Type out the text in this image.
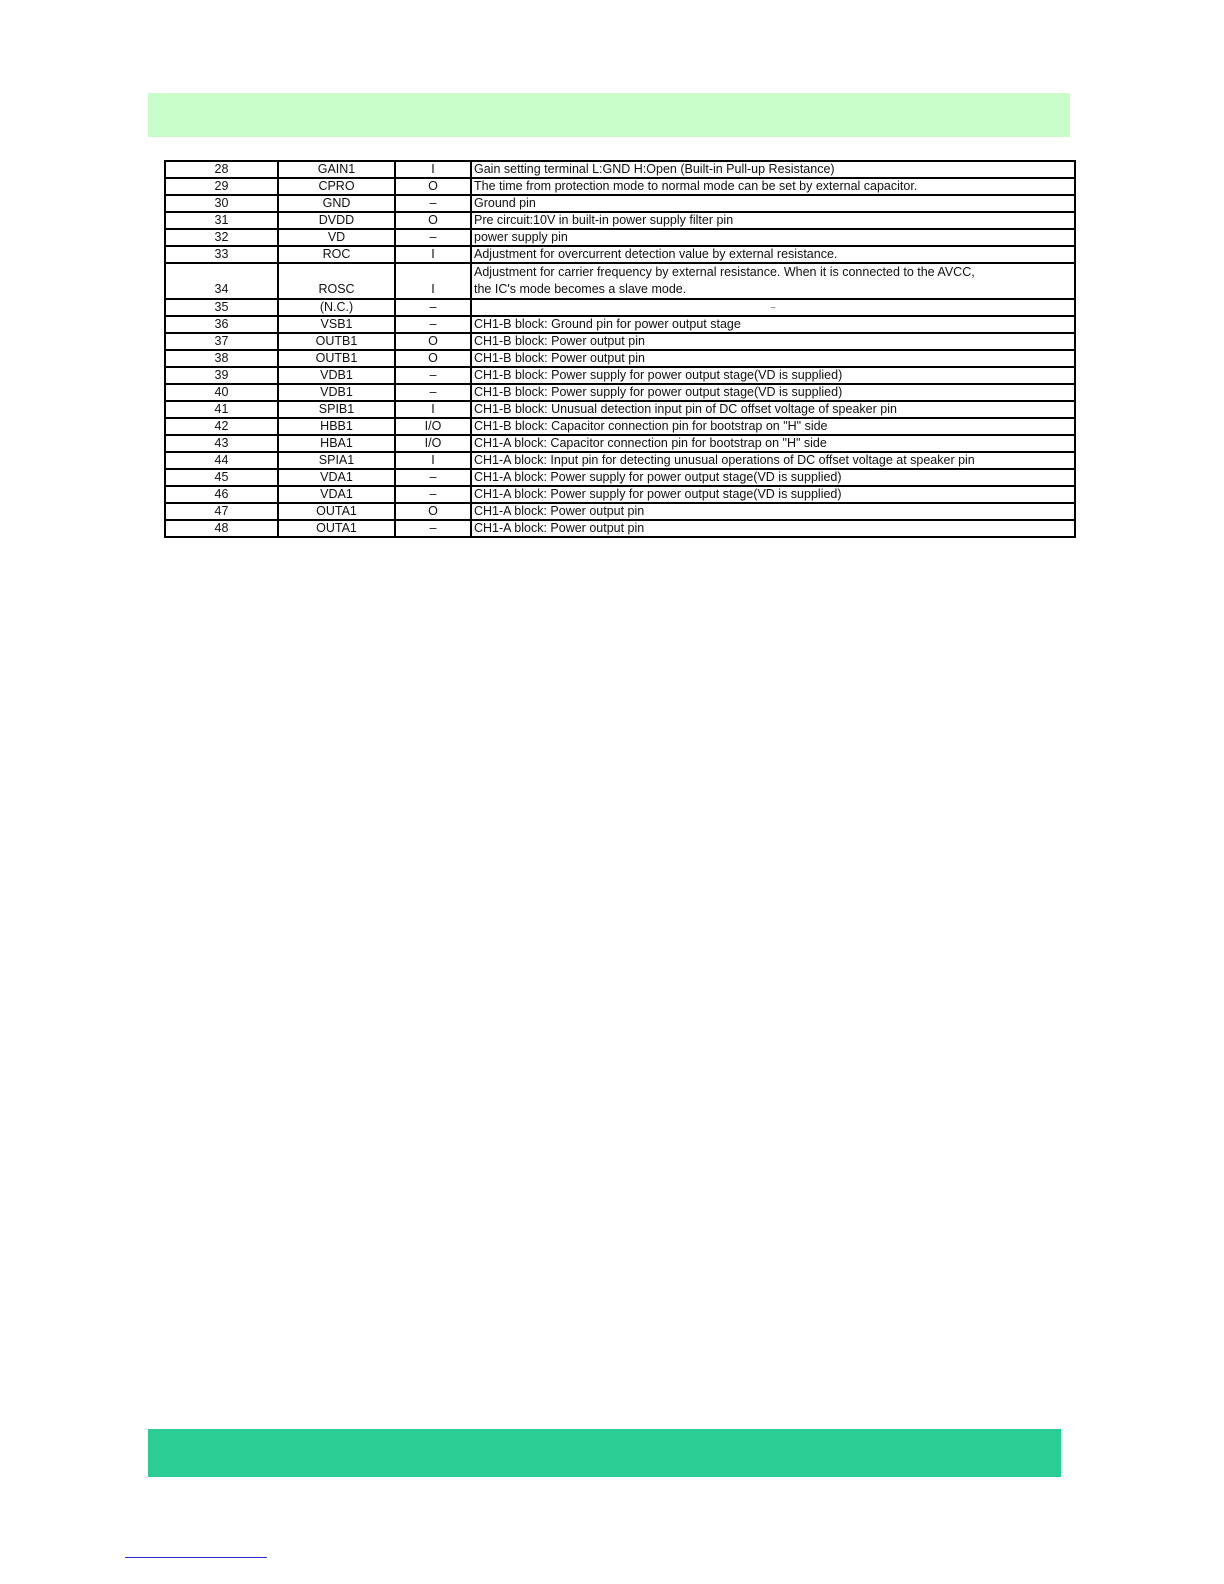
28	GAIN1	I	Gain setting terminal L:GND H:Open (Built-in Pull-up Resistance)

29	CPRO	O	The time from protection mode to normal mode can be set by external capacitor.

30	GND	–	Ground pin

31	DVDD	O	Pre circuit:10V in built-in power supply filter pin

32	VD	–	power supply pin

33	ROC	I	Adjustment for overcurrent detection value by external resistance.

34	ROSC	I	Adjustment for carrier frequency by external resistance. When it is connected to the AVCC,
the IC's mode becomes a slave mode.

35	(N.C.)	–	–

36	VSB1	–	CH1-B block: Ground pin for power output stage

37	OUTB1	O	CH1-B block: Power output pin

38	OUTB1	O	CH1-B block: Power output pin

39	VDB1	–	CH1-B block: Power supply for power output stage(VD is supplied)

40	VDB1	–	CH1-B block: Power supply for power output stage(VD is supplied)

41	SPIB1	I	CH1-B block: Unusual detection input pin of DC offset voltage of speaker pin

42	HBB1	I/O	CH1-B block: Capacitor connection pin for bootstrap on "H" side

43	HBA1	I/O	CH1-A block: Capacitor connection pin for bootstrap on "H" side

44	SPIA1	I	CH1-A block: Input pin for detecting unusual operations of DC offset voltage at speaker pin

45	VDA1	–	CH1-A block: Power supply for power output stage(VD is supplied)

46	VDA1	–	CH1-A block: Power supply for power output stage(VD is supplied)

47	OUTA1	O	CH1-A block: Power output pin

48	OUTA1	–	CH1-A block: Power output pin
